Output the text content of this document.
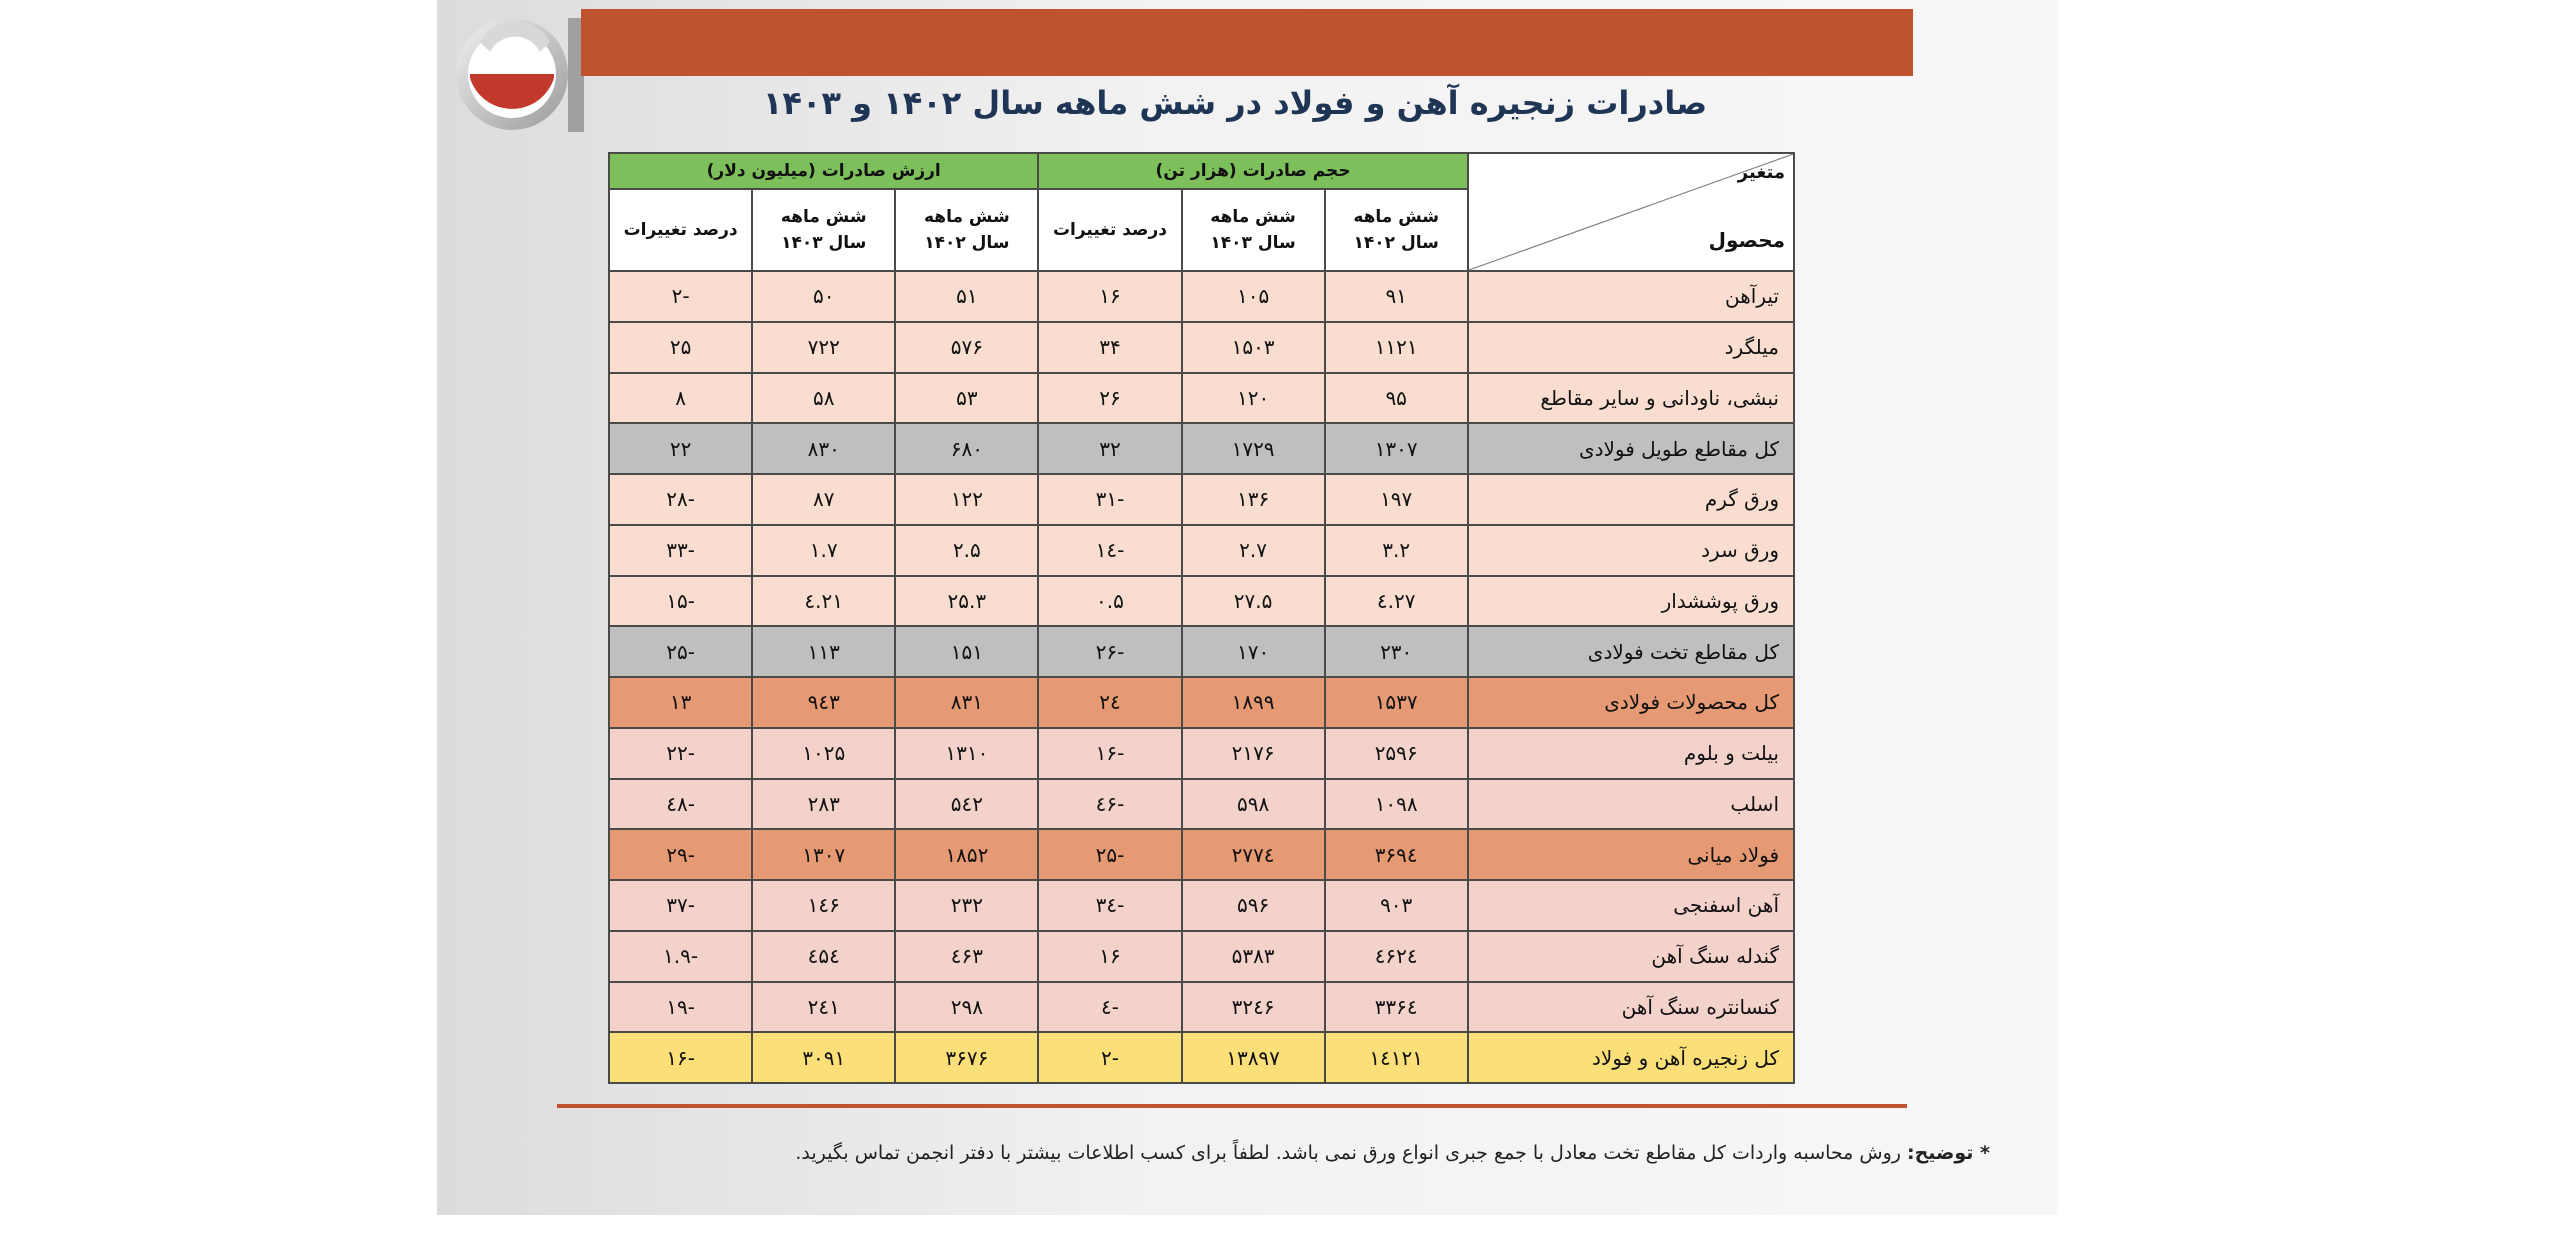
صادرات زنجیره آهن و فولاد در شش ماهه سال ۱۴۰۲ و ۱۴۰۳
متغیر
محصول	حجم صادرات (هزار تن)			ارزش صادرات (میلیون دلار)		
	شش ماهه سال ۱۴۰۲	شش ماهه سال ۱۴۰۳	درصد تغییرات	شش ماهه سال ۱۴۰۲	شش ماهه سال ۱۴۰۳	درصد تغییرات
تیرآهن	۹۱	۱۰۵	۱۶	۵۱	۵۰	-۲
میلگرد	۱۱۲۱	۱۵۰۳	۳۴	۵۷۶	۷۲۲	۲۵
نبشی، ناودانی و سایر مقاطع	۹۵	۱۲۰	۲۶	۵۳	۵۸	۸
کل مقاطع طویل فولادی	۱۳۰۷	۱۷۲۹	۳۲	۶۸۰	۸۳۰	۲۲
ورق گرم	۱۹۷	۱۳۶	-۳۱	۱۲۲	۸۷	-۲۸
ورق سرد	۳.۲	۲.۷	-۱٤	۲.۵	۱.۷	-۳۳
ورق پوششدار	۲۷.٤	۲۷.۵	۰.۵	۲۵.۳	۲۱.٤	-۱۵
کل مقاطع تخت فولادی	۲۳۰	۱۷۰	-۲۶	۱۵۱	۱۱۳	-۲۵
کل محصولات فولادی	۱۵۳۷	۱۸۹۹	۲٤	۸۳۱	۹٤۳	۱۳
بیلت و بلوم	۲۵۹۶	۲۱۷۶	-۱۶	۱۳۱۰	۱۰۲۵	-۲۲
اسلب	۱۰۹۸	۵۹۸	-٤۶	۵٤۲	۲۸۳	-٤۸
فولاد میانی	۳۶۹٤	۲۷۷٤	-۲۵	۱۸۵۲	۱۳۰۷	-۲۹
آهن اسفنجی	۹۰۳	۵۹۶	-۳٤	۲۳۲	۱٤۶	-۳۷
گندله سنگ آهن	٤۶۲٤	۵۳۸۳	۱۶	٤۶۳	٤۵٤	-۱.۹
کنسانتره سنگ آهن	۳۳۶٤	۳۲٤۶	-٤	۲۹۸	۲٤۱	-۱۹
کل زنجیره آهن و فولاد	۱٤۱۲۱	۱۳۸۹۷	-۲	۳۶۷۶	۳۰۹۱	-۱۶
* توضیح: روش محاسبه واردات کل مقاطع تخت معادل با جمع جبری انواع ورق نمی باشد. لطفاً برای کسب اطلاعات بیشتر با دفتر انجمن تماس بگیرید.
